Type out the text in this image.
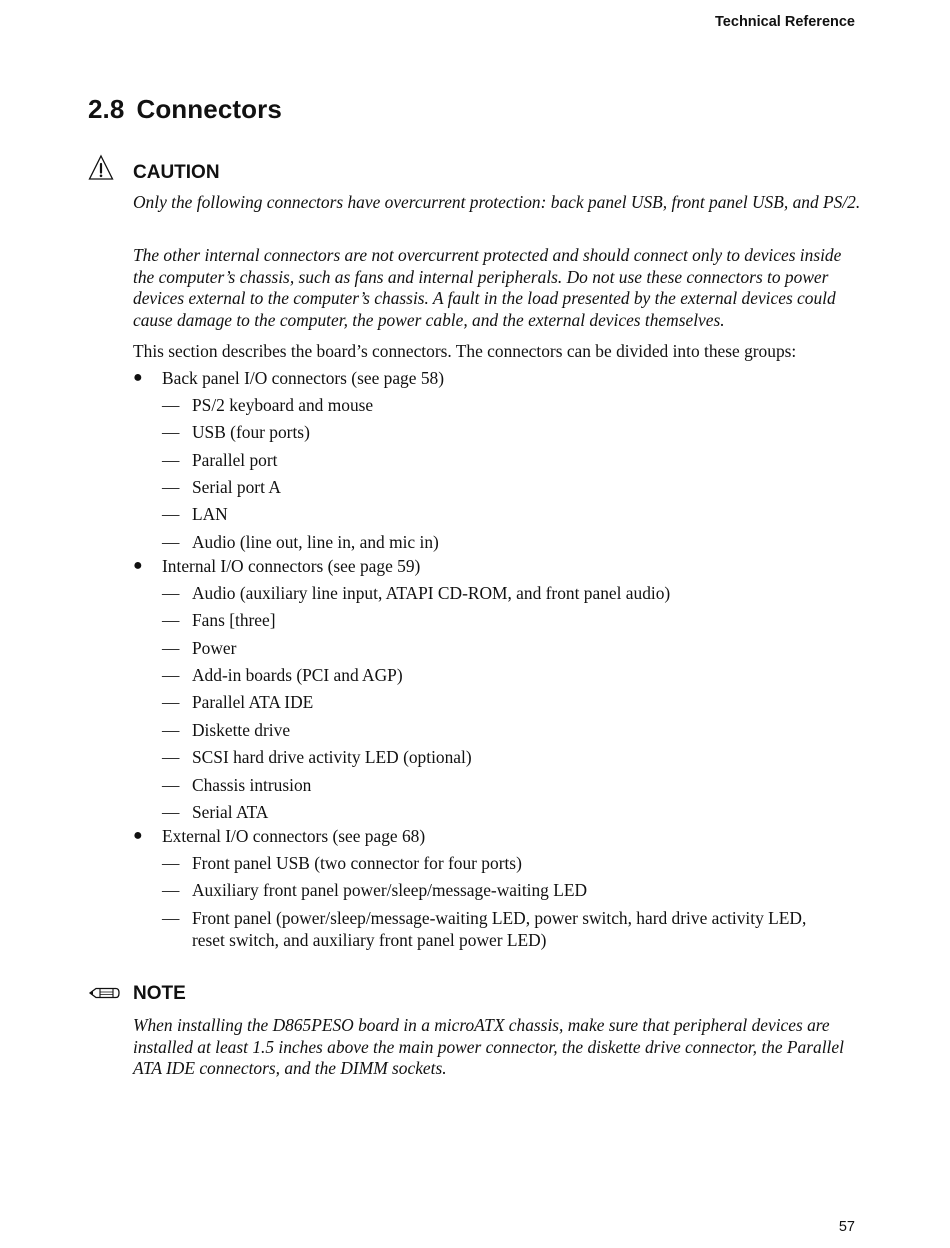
Technical Reference
2.8 Connectors
CAUTION

Only the following connectors have overcurrent protection: back panel USB, front panel USB, and PS/2.

The other internal connectors are not overcurrent protected and should connect only to devices inside the computer’s chassis, such as fans and internal peripherals. Do not use these connectors to power devices external to the computer’s chassis. A fault in the load presented by the external devices could cause damage to the computer, the power cable, and the external devices themselves.

This section describes the board’s connectors. The connectors can be divided into these groups:

● Back panel I/O connectors (see page 58)

— PS/2 keyboard and mouse

— USB (four ports)

— Parallel port

— Serial port A

— LAN

— Audio (line out, line in, and mic in)

● Internal I/O connectors (see page 59)

— Audio (auxiliary line input, ATAPI CD-ROM, and front panel audio)

— Fans [three]

— Power

— Add-in boards (PCI and AGP)

— Parallel ATA IDE

— Diskette drive

— SCSI hard drive activity LED (optional)

— Chassis intrusion

— Serial ATA

● External I/O connectors (see page 68)

— Front panel USB (two connector for four ports)

— Auxiliary front panel power/sleep/message-waiting LED

— Front panel (power/sleep/message-waiting LED, power switch, hard drive activity LED, reset switch, and auxiliary front panel power LED)

NOTE

When installing the D865PESO board in a microATX chassis, make sure that peripheral devices are installed at least 1.5 inches above the main power connector, the diskette drive connector, the Parallel ATA IDE connectors, and the DIMM sockets.

57
